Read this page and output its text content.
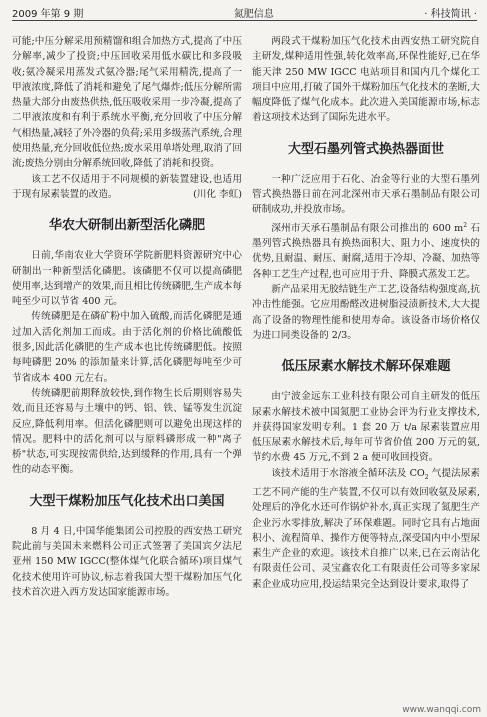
2009 年第 9 期	氮肥信息	· 科技简讯 ·

可能;中压分解采用预精馏和组合加热方式,提高了中压分解率,减少了投资;中压回收采用低水碳比和多段吸收;氨冷凝采用蒸发式氨冷器;尾气采用精洗,提高了一甲液浓度,降低了消耗和避免了尾气爆炸;低压分解所需热量大部分由废热供热,低压吸收采用一步冷凝,提高了二甲液浓度和有利于系统水平衡,充分回收了中压分解气相热量,减轻了外冷器的负荷;采用多级蒸汽系统,合理使用热量,充分回收低位热;废水采用单塔处理,取消了回流;废热分别由分解系统回收,降低了消耗和投资。

该工艺不仅适用于不同规模的新装置建设,也适用于现有尿素装置的改造。	(川化 李虹)

华农大研制出新型活化磷肥

日前,华南农业大学资环学院新肥料资源研究中心研制出一种新型活化磷肥。该磷肥不仅可以提高磷肥使用率,达到增产的效果,而且相比传统磷肥,生产成本每吨至少可以节省 400 元。

传统磷肥是在磷矿粉中加入硫酸,而活化磷肥是通过加入活化剂加工而成。由于活化剂的价格比硫酸低很多,因此活化磷肥的生产成本也比传统磷肥低。按照每吨磷肥 20% 的添加量来计算,活化磷肥每吨至少可节省成本 400 元左右。

传统磷肥前期释放较快,到作物生长后期则容易失效,而且还容易与土壤中的钙、铝、铁、锰等发生沉淀反应,降低利用率。但活化磷肥则可以避免出现这样的情况。肥料中的活化剂可以与原料磷形成一种"离子桥"状态,可实现按需供给,达到缓释的作用,具有一个弹性的动态平衡。

大型干煤粉加压气化技术出口美国

8 月 4 日,中国华能集团公司控股的西安热工研究院此前与美国未来燃料公司正式签署了美国宾夕法尼亚州 150 MW IGCC(整体煤气化联合循环)项目煤气化技术使用许可协议,标志着我国大型干煤粉加压气化技术首次进入西方发达国家能源市场。

两段式干煤粉加压气化技术由西安热工研究院自主研发,煤种适用性强,转化效率高,环保性能好,已在华能天津 250 MW IGCC 电站项目和国内几个煤化工项目中应用,打破了国外干煤粉加压气化技术的垄断,大幅度降低了煤气化成本。此次进入美国能源市场,标志着这项技术达到了国际先进水平。

大型石墨列管式换热器面世

一种广泛应用于石化、冶金等行业的大型石墨列管式换热器日前在河北深州市天承石墨制品有限公司研制成功,并投放市场。

深州市天承石墨制品有限公司推出的 600 $m^2$ 石墨列管式换热器具有换热面积大、阻力小、速度快的优势,且耐温、耐压、耐腐,适用于冷却、冷凝、加热等各种工艺生产过程,也可应用于升、降膜式蒸发工艺。

新产品采用无胶结链生产工艺,设备结构强度高,抗冲击性能强。它应用酚醛改进树脂浸渍新技术,大大提高了设备的物理性能和使用寿命。该设备市场价格仅为进口同类设备的 2/3。

低压尿素水解技术解环保难题

由宁波金远东工业科技有限公司自主研发的低压尿素水解技术被中国氮肥工业协会评为行业支撑技术,并获得国家发明专利。1 套 20 万 t/a 尿素装置应用低压尿素水解技术后,每年可节省价值 200 万元的氨,节约水费 45 万元,不到 2 a 便可收回投资。

该技术适用于水溶液全循环法及 $CO_2$ 气提法尿素工艺不同产能的生产装置,不仅可以有效回收氨及尿素,处理后的净化水还可作锅炉补水,真正实现了氮肥生产企业污水零排放,解决了环保难题。同时它具有占地面积小、流程简单、操作方便等特点,深受国内中小型尿素生产企业的欢迎。该技术自推广以来,已在云南沾化有限责任公司、灵宝鑫农化工有限责任公司等多家尿素企业成功应用,投运结果完全达到设计要求,取得了

www.wanqqi.com
